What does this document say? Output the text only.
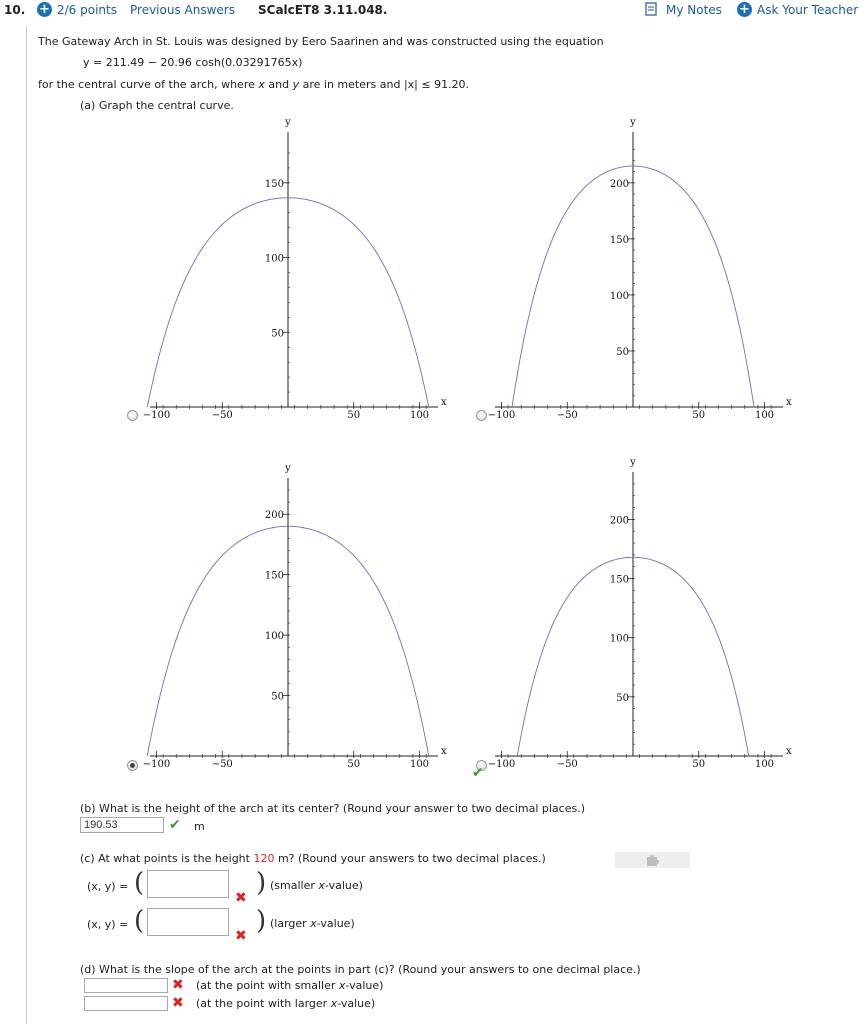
10. + 2/6 points Previous Answers SCalcET8 3.11.048.	My Notes + Ask Your Teacher
The Gateway Arch in St. Louis was designed by Eero Saarinen and was constructed using the equation
y = 211.49 − 20.96 cosh(0.03291765x)
for the central curve of the arch, where x and y are in meters and |x| ≤ 91.20.
(a) Graph the central curve.
−100	−50	50	100
x
y
50
100
150
−100	−50	50	100
x
y
50
100
150
200
−100	−50	50	100
x
y
50
100
150
200
−100	−50	50	100
x
y
50
100
150
200
✔
(b) What is the height of the arch at its center? (Round your answer to two decimal places.)
190.53	✔ m
(c) At what points is the height 120 m? (Round your answers to two decimal places.)
(x, y) = (	✖ ) (smaller x-value)
(x, y) = (	✖ ) (larger x-value)
(d) What is the slope of the arch at the points in part (c)? (Round your answers to one decimal place.)
✖ (at the point with smaller x-value)
✖ (at the point with larger x-value)
